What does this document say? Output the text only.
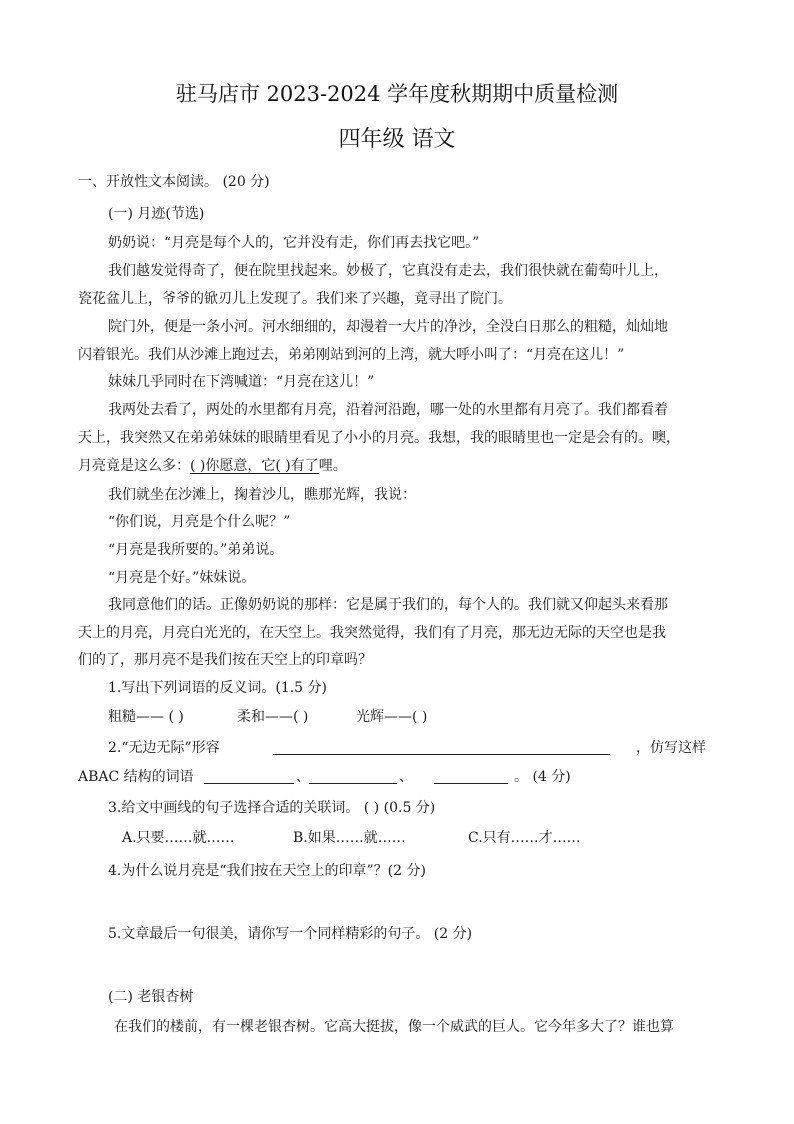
驻马店市 2023-2024 学年度秋期期中质量检测
四年级 语文
一、开放性文本阅读。 (20 分)
(一) 月迹(节选)
奶奶说：“月亮是每个人的，它并没有走，你们再去找它吧。”
我们越发觉得奇了，便在院里找起来。妙极了，它真没有走去，我们很快就在葡萄叶儿上，
瓷花盆儿上，爷爷的锨刃儿上发现了。我们来了兴趣，竟寻出了院门。
院门外，便是一条小河。河水细细的，却漫着一大片的净沙，全没白日那么的粗糙，灿灿地
闪着银光。我们从沙滩上跑过去，弟弟刚站到河的上湾，就大呼小叫了：“月亮在这儿！”
妹妹几乎同时在下湾喊道：“月亮在这儿！”
我两处去看了，两处的水里都有月亮，沿着河沿跑，哪一处的水里都有月亮了。我们都看着
天上，我突然又在弟弟妹妹的眼睛里看见了小小的月亮。我想，我的眼睛里也一定是会有的。噢，
月亮竟是这么多：( )你愿意，它( )有了哩。
我们就坐在沙滩上，掬着沙儿，瞧那光辉，我说：
“你们说，月亮是个什么呢？”
“月亮是我所要的。”弟弟说。
“月亮是个好。”妹妹说。
我同意他们的话。正像奶奶说的那样：它是属于我们的，每个人的。我们就又仰起头来看那
天上的月亮，月亮白光光的，在天空上。我突然觉得，我们有了月亮，那无边无际的天空也是我
们的了，那月亮不是我们按在天空上的印章吗？
1.写出下列词语的反义词。(1.5 分)
粗糙—— ( )	柔和——( )	光辉——( )
2.“无边无际”形容	，仿写这样
ABAC 结构的词语	、	、	。 (4 分)
3.给文中画线的句子选择合适的关联词。 ( ) (0.5 分)
A.只要……就……	B.如果……就……	C.只有……才……
4.为什么说月亮是“我们按在天空上的印章”？(2 分)
5.文章最后一句很美，请你写一个同样精彩的句子。 (2 分)
(二) 老银杏树
在我们的楼前，有一棵老银杏树。它高大挺拔，像一个威武的巨人。它今年多大了？谁也算
